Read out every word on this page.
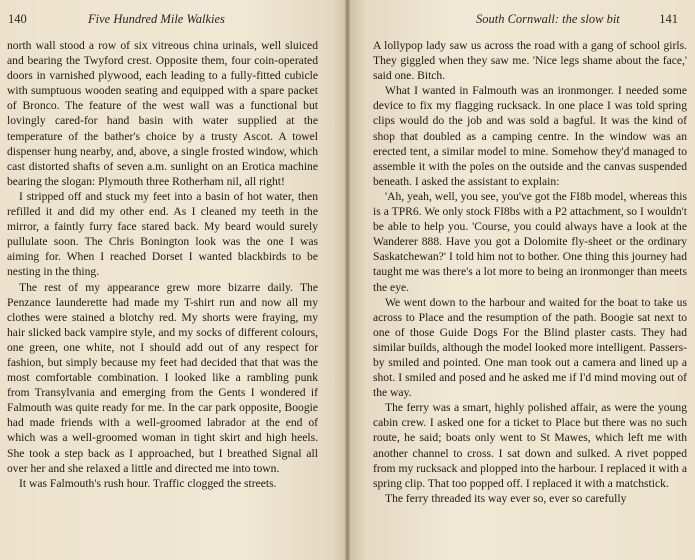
140	Five Hundred Mile Walkies

north wall stood a row of six vitreous china urinals, well sluiced and bearing the Twyford crest. Opposite them, four coin-operated doors in varnished plywood, each leading to a fully-fitted cubicle with sumptuous wooden seating and equipped with a spare packet of Bronco. The feature of the west wall was a functional but lovingly cared-for hand basin with water supplied at the temperature of the bather's choice by a trusty Ascot. A towel dispenser hung nearby, and, above, a single frosted window, which cast distorted shafts of seven a.m. sunlight on an Erotica machine bearing the slogan: Plymouth three Rotherham nil, all right!

I stripped off and stuck my feet into a basin of hot water, then refilled it and did my other end. As I cleaned my teeth in the mirror, a faintly furry face stared back. My beard would surely pullulate soon. The Chris Bonington look was the one I was aiming for. When I reached Dorset I wanted blackbirds to be nesting in the thing.

The rest of my appearance grew more bizarre daily. The Penzance launderette had made my T-shirt run and now all my clothes were stained a blotchy red. My shorts were fraying, my hair slicked back vampire style, and my socks of different colours, one green, one white, not I should add out of any respect for fashion, but simply because my feet had decided that that was the most comfortable combination. I looked like a rambling punk from Transylvania and emerging from the Gents I wondered if Falmouth was quite ready for me. In the car park opposite, Boogie had made friends with a well-groomed labrador at the end of which was a well-groomed woman in tight skirt and high heels. She took a step back as I approached, but I breathed Signal all over her and she relaxed a little and directed me into town.

It was Falmouth's rush hour. Traffic clogged the streets.

South Cornwall: the slow bit	141

A lollypop lady saw us across the road with a gang of school girls. They giggled when they saw me. 'Nice legs shame about the face,' said one. Bitch.

What I wanted in Falmouth was an ironmonger. I needed some device to fix my flagging rucksack. In one place I was told spring clips would do the job and was sold a bagful. It was the kind of shop that doubled as a camping centre. In the window was an erected tent, a similar model to mine. Somehow they'd managed to assemble it with the poles on the outside and the canvas suspended beneath. I asked the assistant to explain:

'Ah, yeah, well, you see, you've got the FI8b model, whereas this is a TPR6. We only stock FI8bs with a P2 attachment, so I wouldn't be able to help you. 'Course, you could always have a look at the Wanderer 888. Have you got a Dolomite fly-sheet or the ordinary Saskatchewan?' I told him not to bother. One thing this journey had taught me was there's a lot more to being an ironmonger than meets the eye.

We went down to the harbour and waited for the boat to take us across to Place and the resumption of the path. Boogie sat next to one of those Guide Dogs For the Blind plaster casts. They had similar builds, although the model looked more intelligent. Passers-by smiled and pointed. One man took out a camera and lined up a shot. I smiled and posed and he asked me if I'd mind moving out of the way.

The ferry was a smart, highly polished affair, as were the young cabin crew. I asked one for a ticket to Place but there was no such route, he said; boats only went to St Mawes, which left me with another channel to cross. I sat down and sulked. A rivet popped from my rucksack and plopped into the harbour. I replaced it with a spring clip. That too popped off. I replaced it with a matchstick.

The ferry threaded its way ever so, ever so carefully
